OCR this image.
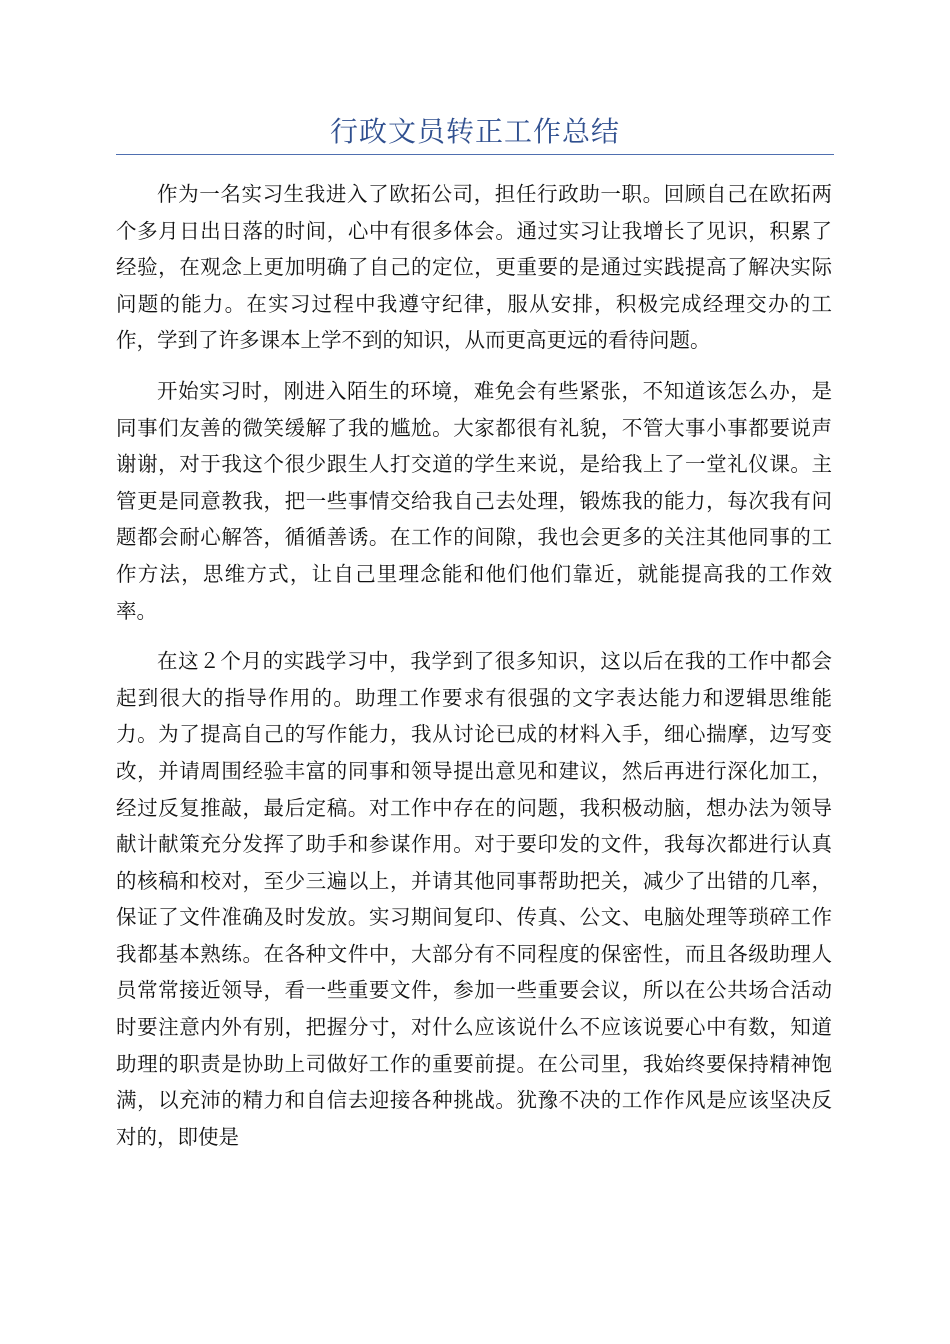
行政文员转正工作总结

作为一名实习生我进入了欧拓公司，担任行政助一职。回顾自己在欧拓两个多月日出日落的时间，心中有很多体会。通过实习让我增长了见识，积累了经验，在观念上更加明确了自己的定位，更重要的是通过实践提高了解决实际问题的能力。在实习过程中我遵守纪律，服从安排，积极完成经理交办的工作，学到了许多课本上学不到的知识，从而更高更远的看待问题。

开始实习时，刚进入陌生的环境，难免会有些紧张，不知道该怎么办，是同事们友善的微笑缓解了我的尴尬。大家都很有礼貌，不管大事小事都要说声谢谢，对于我这个很少跟生人打交道的学生来说，是给我上了一堂礼仪课。主管更是同意教我，把一些事情交给我自己去处理，锻炼我的能力，每次我有问题都会耐心解答，循循善诱。在工作的间隙，我也会更多的关注其他同事的工作方法，思维方式，让自己里理念能和他们他们靠近，就能提高我的工作效率。

在这２个月的实践学习中，我学到了很多知识，这以后在我的工作中都会起到很大的指导作用的。助理工作要求有很强的文字表达能力和逻辑思维能力。为了提高自己的写作能力，我从讨论已成的材料入手，细心揣摩，边写变改，并请周围经验丰富的同事和领导提出意见和建议，然后再进行深化加工，经过反复推敲，最后定稿。对工作中存在的问题，我积极动脑，想办法为领导献计献策充分发挥了助手和参谋作用。对于要印发的文件，我每次都进行认真的核稿和校对，至少三遍以上，并请其他同事帮助把关，减少了出错的几率，保证了文件准确及时发放。实习期间复印、传真、公文、电脑处理等琐碎工作我都基本熟练。在各种文件中，大部分有不同程度的保密性，而且各级助理人员常常接近领导，看一些重要文件，参加一些重要会议，所以在公共场合活动时要注意内外有别，把握分寸，对什么应该说什么不应该说要心中有数，知道助理的职责是协助上司做好工作的重要前提。在公司里，我始终要保持精神饱满，以充沛的精力和自信去迎接各种挑战。犹豫不决的工作作风是应该坚决反对的，即使是
